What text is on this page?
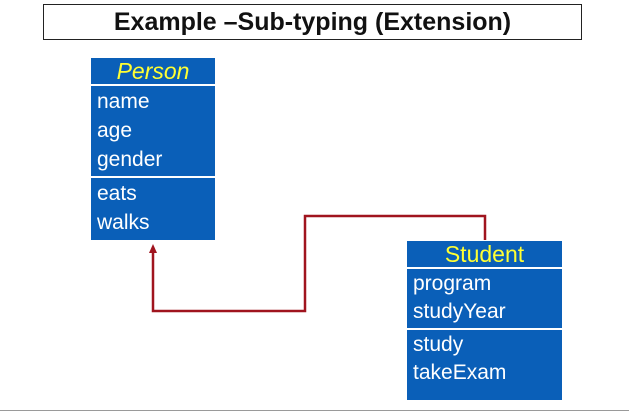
Example –Sub-typing (Extension)
Person
name
age
gender
eats
walks
Student
program
studyYear
study
takeExam
